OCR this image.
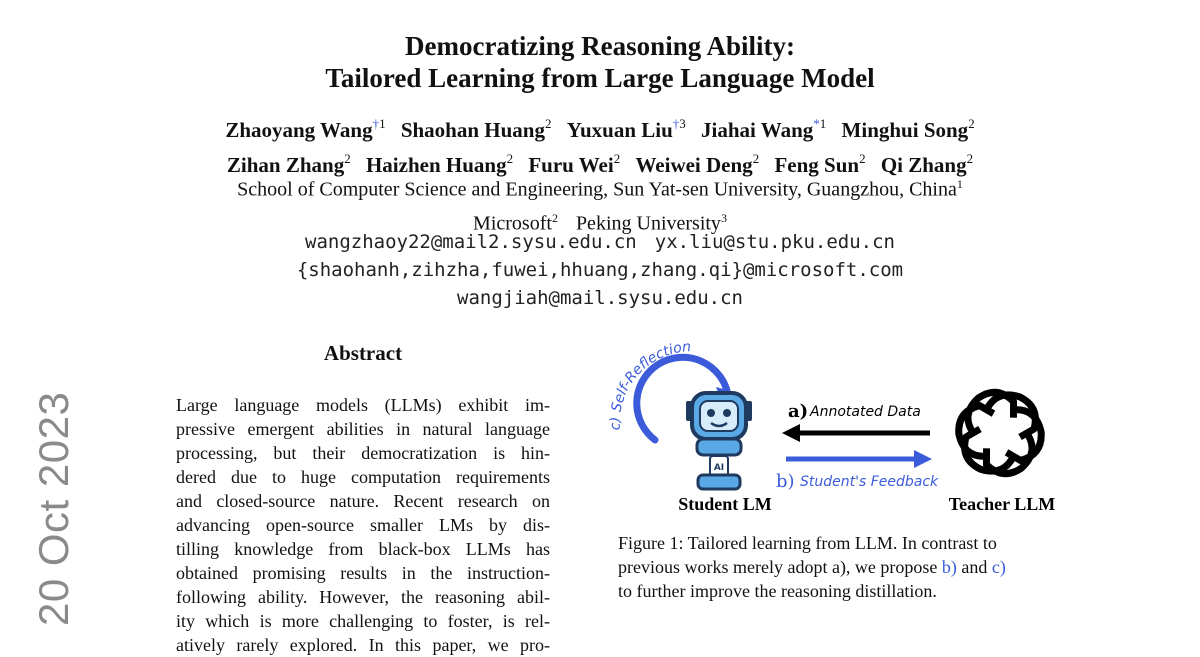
Democratizing Reasoning Ability:
Tailored Learning from Large Language Model
Zhaoyang Wang$^{\dagger 1}$ Shaohan Huang$^2$ Yuxuan Liu$^{\dagger 3}$ Jiahai Wang$^{*1}$ Minghui Song$^2$
Zihan Zhang$^2$ Haizhen Huang$^2$ Furu Wei$^2$ Weiwei Deng$^2$ Feng Sun$^2$ Qi Zhang$^2$
School of Computer Science and Engineering, Sun Yat-sen University, Guangzhou, China$^1$
Microsoft$^2$ Peking University$^3$
wangzhaoy22@mail2.sysu.edu.cn yx.liu@stu.pku.edu.cn
{shaohanh,zihzha,fuwei,hhuang,zhang.qi}@microsoft.com
wangjiah@mail.sysu.edu.cn
20 Oct 2023
Abstract
Large language models (LLMs) exhibit im-
pressive emergent abilities in natural language
processing, but their democratization is hin-
dered due to huge computation requirements
and closed-source nature. Recent research on
advancing open-source smaller LMs by dis-
tilling knowledge from black-box LLMs has
obtained promising results in the instruction-
following ability. However, the reasoning abil-
ity which is more challenging to foster, is rel-
atively rarely explored. In this paper, we pro-
c) Self-Reflection
AI
a) Annotated Data
b) Student's Feedback
Student LM	Teacher LLM
Figure 1: Tailored learning from LLM. In contrast to
previous works merely adopt a), we propose b) and c)
to further improve the reasoning distillation.
